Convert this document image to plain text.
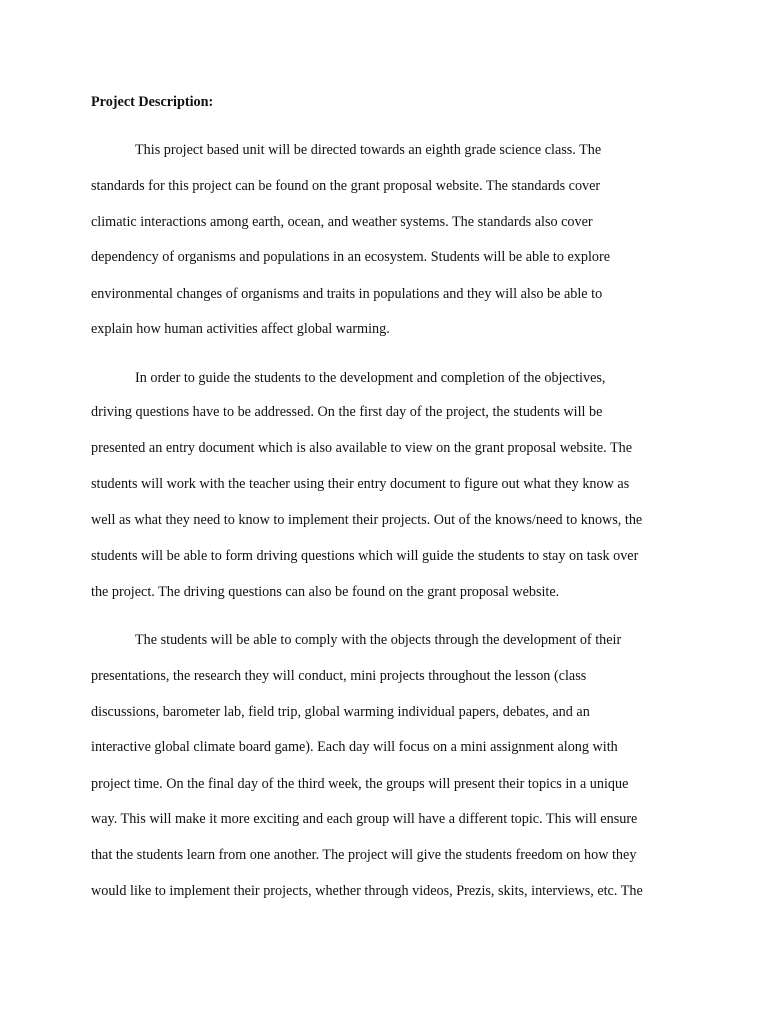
Project Description:
This project based unit will be directed towards an eighth grade science class. The
standards for this project can be found on the grant proposal website. The standards cover
climatic interactions among earth, ocean, and weather systems. The standards also cover
dependency of organisms and populations in an ecosystem. Students will be able to explore
environmental changes of organisms and traits in populations and they will also be able to
explain how human activities affect global warming.
In order to guide the students to the development and completion of the objectives,
driving questions have to be addressed. On the first day of the project, the students will be
presented an entry document which is also available to view on the grant proposal website. The
students will work with the teacher using their entry document to figure out what they know as
well as what they need to know to implement their projects. Out of the knows/need to knows, the
students will be able to form driving questions which will guide the students to stay on task over
the project. The driving questions can also be found on the grant proposal website.
The students will be able to comply with the objects through the development of their
presentations, the research they will conduct, mini projects throughout the lesson (class
discussions, barometer lab, field trip, global warming individual papers, debates, and an
interactive global climate board game). Each day will focus on a mini assignment along with
project time. On the final day of the third week, the groups will present their topics in a unique
way. This will make it more exciting and each group will have a different topic. This will ensure
that the students learn from one another. The project will give the students freedom on how they
would like to implement their projects, whether through videos, Prezis, skits, interviews, etc. The
